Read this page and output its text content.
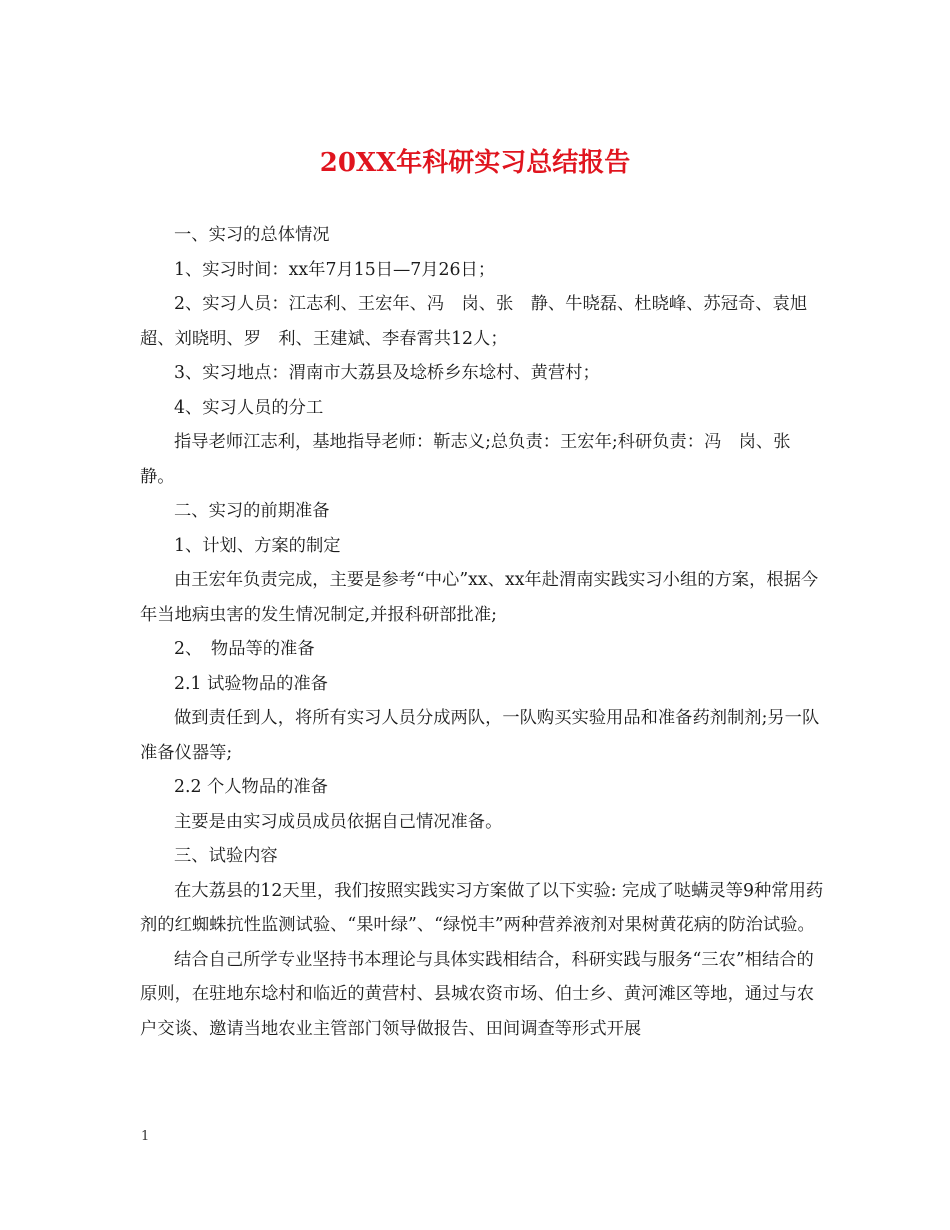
20XX年科研实习总结报告

一、实习的总体情况

1、实习时间：xx年7月15日—7月26日；

2、实习人员：江志利、王宏年、冯　岗、张　静、牛晓磊、杜晓峰、苏冠奇、袁旭超、刘晓明、罗　利、王建斌、李春霄共12人；

3、实习地点：渭南市大荔县及埝桥乡东埝村、黄营村；

4、实习人员的分工

指导老师江志利，基地指导老师：靳志义;总负责：王宏年;科研负责：冯　岗、张　静。

二、实习的前期准备

1、计划、方案的制定

由王宏年负责完成，主要是参考“中心”xx、xx年赴渭南实践实习小组的方案，根据今年当地病虫害的发生情况制定,并报科研部批准;

2、　物品等的准备

2.1 试验物品的准备

做到责任到人，将所有实习人员分成两队，一队购买实验用品和准备药剂制剂;另一队准备仪器等;

2.2 个人物品的准备

主要是由实习成员成员依据自己情况准备。

三、试验内容

在大荔县的12天里，我们按照实践实习方案做了以下实验: 完成了哒螨灵等9种常用药剂的红蜘蛛抗性监测试验、“果叶绿”、“绿悦丰”两种营养液剂对果树黄花病的防治试验。

结合自己所学专业坚持书本理论与具体实践相结合，科研实践与服务“三农”相结合的原则，在驻地东埝村和临近的黄营村、县城农资市场、伯士乡、黄河滩区等地，通过与农户交谈、邀请当地农业主管部门领导做报告、田间调查等形式开展

1
